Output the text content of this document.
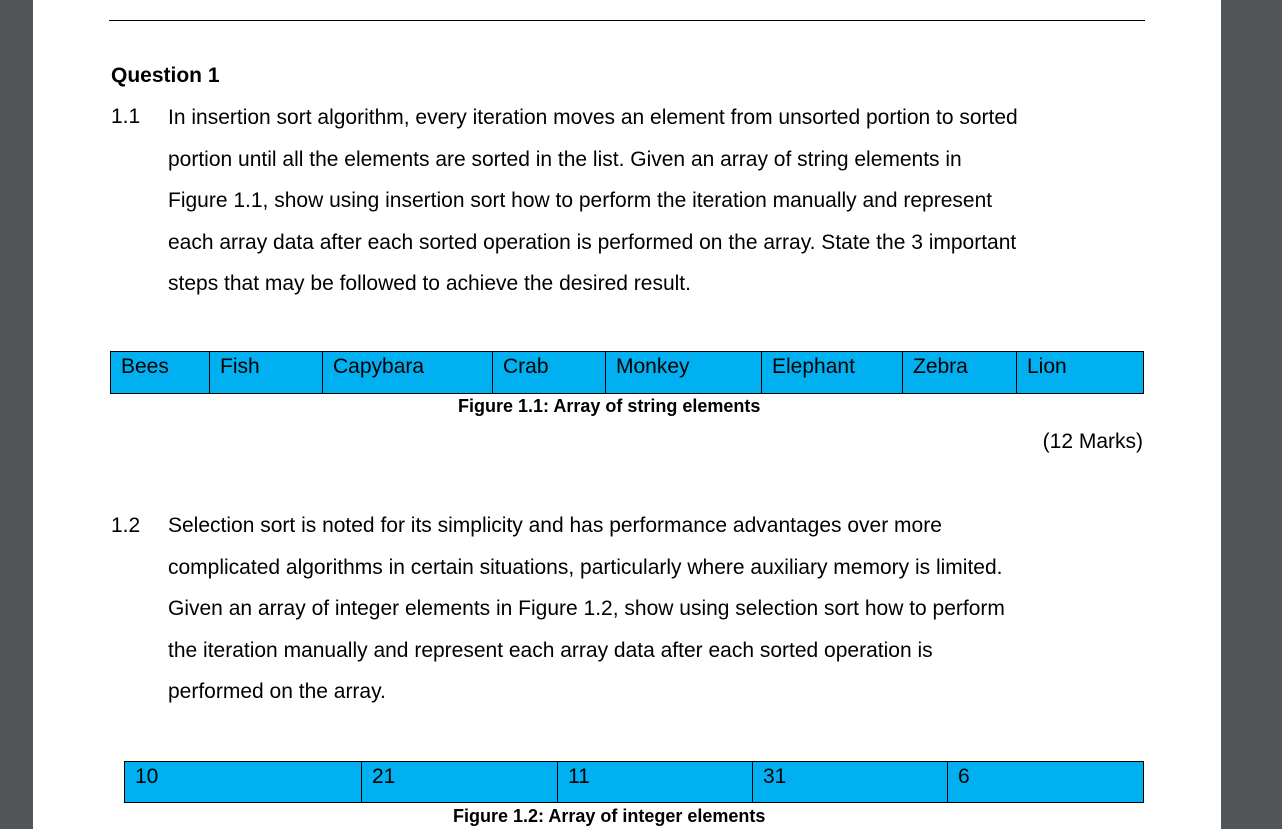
Question 1
1.1 In insertion sort algorithm, every iteration moves an element from unsorted portion to sorted

portion until all the elements are sorted in the list. Given an array of string elements in

Figure 1.1, show using insertion sort how to perform the iteration manually and represent

each array data after each sorted operation is performed on the array. State the 3 important

steps that may be followed to achieve the desired result.

Bees	Fish	Capybara	Crab	Monkey	Elephant	Zebra	Lion
Figure 1.1: Array of string elements
(12 Marks)
1.2 Selection sort is noted for its simplicity and has performance advantages over more

complicated algorithms in certain situations, particularly where auxiliary memory is limited.

Given an array of integer elements in Figure 1.2, show using selection sort how to perform

the iteration manually and represent each array data after each sorted operation is

performed on the array.

10	21	11	31	6
Figure 1.2: Array of integer elements
